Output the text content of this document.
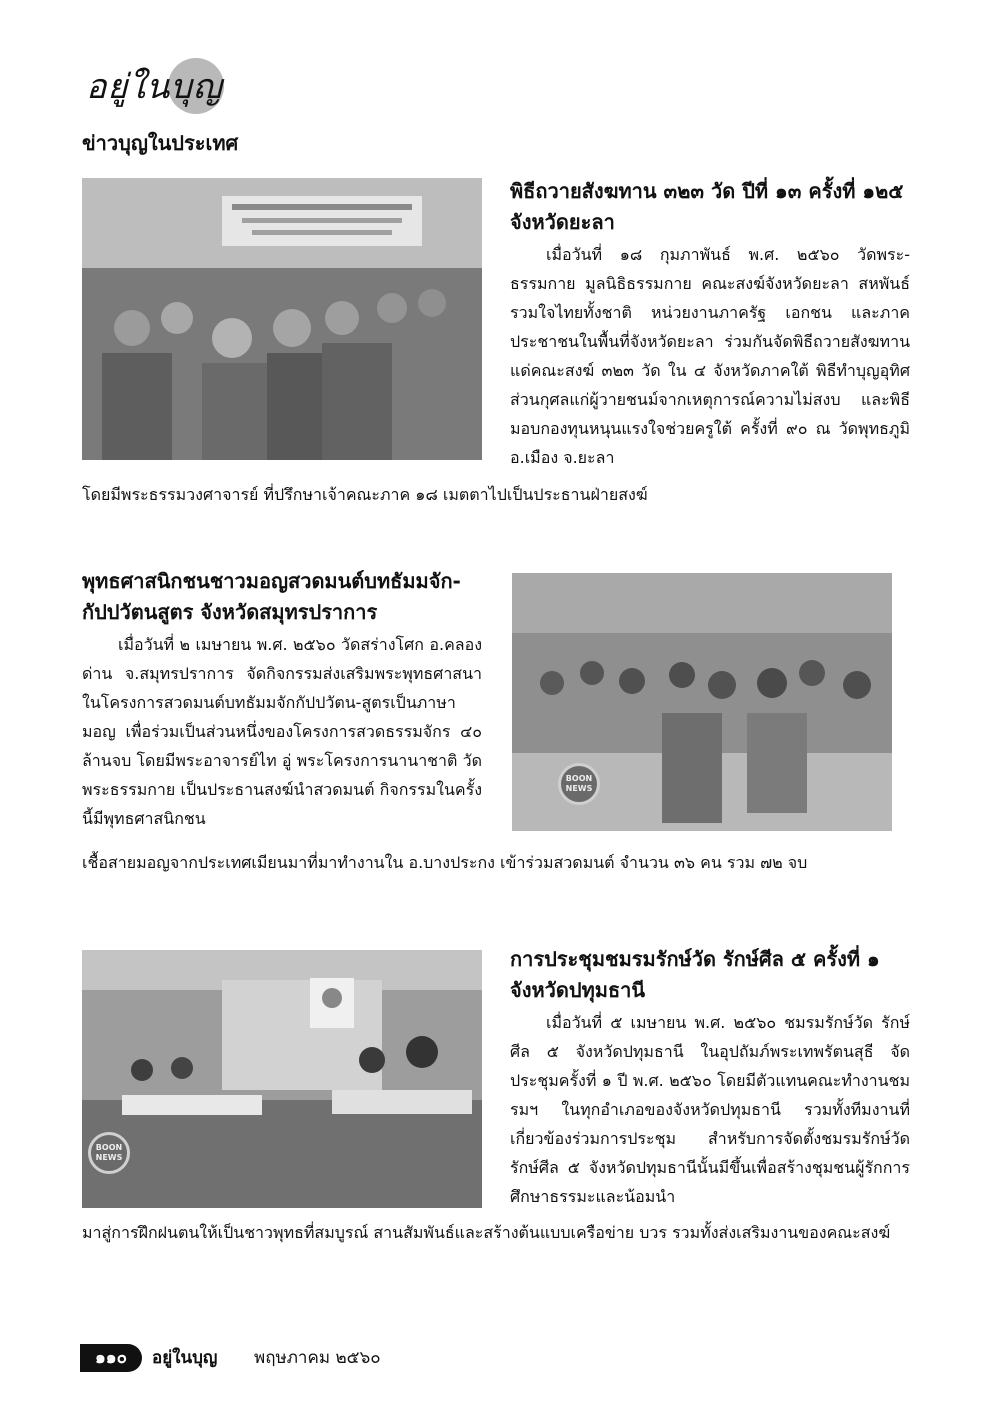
อยู่ในบุญ
ข่าวบุญในประเทศ
พิธีถวายสังฆทาน ๓๒๓ วัด ปีที่ ๑๓ ครั้งที่ ๑๒๕
จังหวัดยะลา

เมื่อวันที่ ๑๘ กุมภาพันธ์ พ.ศ. ๒๕๖๐ วัดพระ-ธรรมกาย มูลนิธิธรรมกาย คณะสงฆ์จังหวัดยะลา สหพันธ์รวมใจไทยทั้งชาติ หน่วยงานภาครัฐ เอกชน และภาคประชาชนในพื้นที่จังหวัดยะลา ร่วมกันจัดพิธีถวายสังฆทานแด่คณะสงฆ์ ๓๒๓ วัด ใน ๔ จังหวัดภาคใต้ พิธีทำบุญอุทิศส่วนกุศลแก่ผู้วายชนม์จากเหตุการณ์ความไม่สงบ และพิธีมอบกองทุนหนุนแรงใจช่วยครูใต้ ครั้งที่ ๙๐ ณ วัดพุทธภูมิ อ.เมือง จ.ยะลา

โดยมีพระธรรมวงศาจารย์ ที่ปรึกษาเจ้าคณะภาค ๑๘ เมตตาไปเป็นประธานฝ่ายสงฆ์
พุทธศาสนิกชนชาวมอญสวดมนต์บทธัมมจัก-
กัปปวัตนสูตร จังหวัดสมุทรปราการ

เมื่อวันที่ ๒ เมษายน พ.ศ. ๒๕๖๐ วัดสร่างโศก อ.คลองด่าน จ.สมุทรปราการ จัดกิจกรรมส่งเสริมพระพุทธศาสนาในโครงการสวดมนต์บทธัมมจักกัปปวัตน-สูตรเป็นภาษามอญ เพื่อร่วมเป็นส่วนหนึ่งของโครงการสวดธรรมจักร ๔๐ ล้านจบ โดยมีพระอาจารย์ไท อู่ พระโครงการนานาชาติ วัดพระธรรมกาย เป็นประธานสงฆ์นำสวดมนต์ กิจกรรมในครั้งนี้มีพุทธศาสนิกชน

BOON
NEWS
เชื้อสายมอญจากประเทศเมียนมาที่มาทำงานใน อ.บางประกง เข้าร่วมสวดมนต์ จำนวน ๓๖ คน รวม ๗๒ จบ
BOON
NEWS
การประชุมชมรมรักษ์วัด รักษ์ศีล ๕ ครั้งที่ ๑
จังหวัดปทุมธานี

เมื่อวันที่ ๕ เมษายน พ.ศ. ๒๕๖๐ ชมรมรักษ์วัด รักษ์ศีล ๕ จังหวัดปทุมธานี ในอุปถัมภ์พระเทพรัตนสุธี จัดประชุมครั้งที่ ๑ ปี พ.ศ. ๒๕๖๐ โดยมีตัวแทนคณะทำงานชมรมฯ ในทุกอำเภอของจังหวัดปทุมธานี รวมทั้งทีมงานที่เกี่ยวข้องร่วมการประชุม สำหรับการจัดตั้งชมรมรักษ์วัด รักษ์ศีล ๕ จังหวัดปทุมธานีนั้นมีขึ้นเพื่อสร้างชุมชนผู้รักการศึกษาธรรมะและน้อมนำ

มาสู่การฝึกฝนตนให้เป็นชาวพุทธที่สมบูรณ์ สานสัมพันธ์และสร้างต้นแบบเครือข่าย บวร รวมทั้งส่งเสริมงานของคณะสงฆ์
๑๑๐	อยู่ในบุญ พฤษภาคม ๒๕๖๐
